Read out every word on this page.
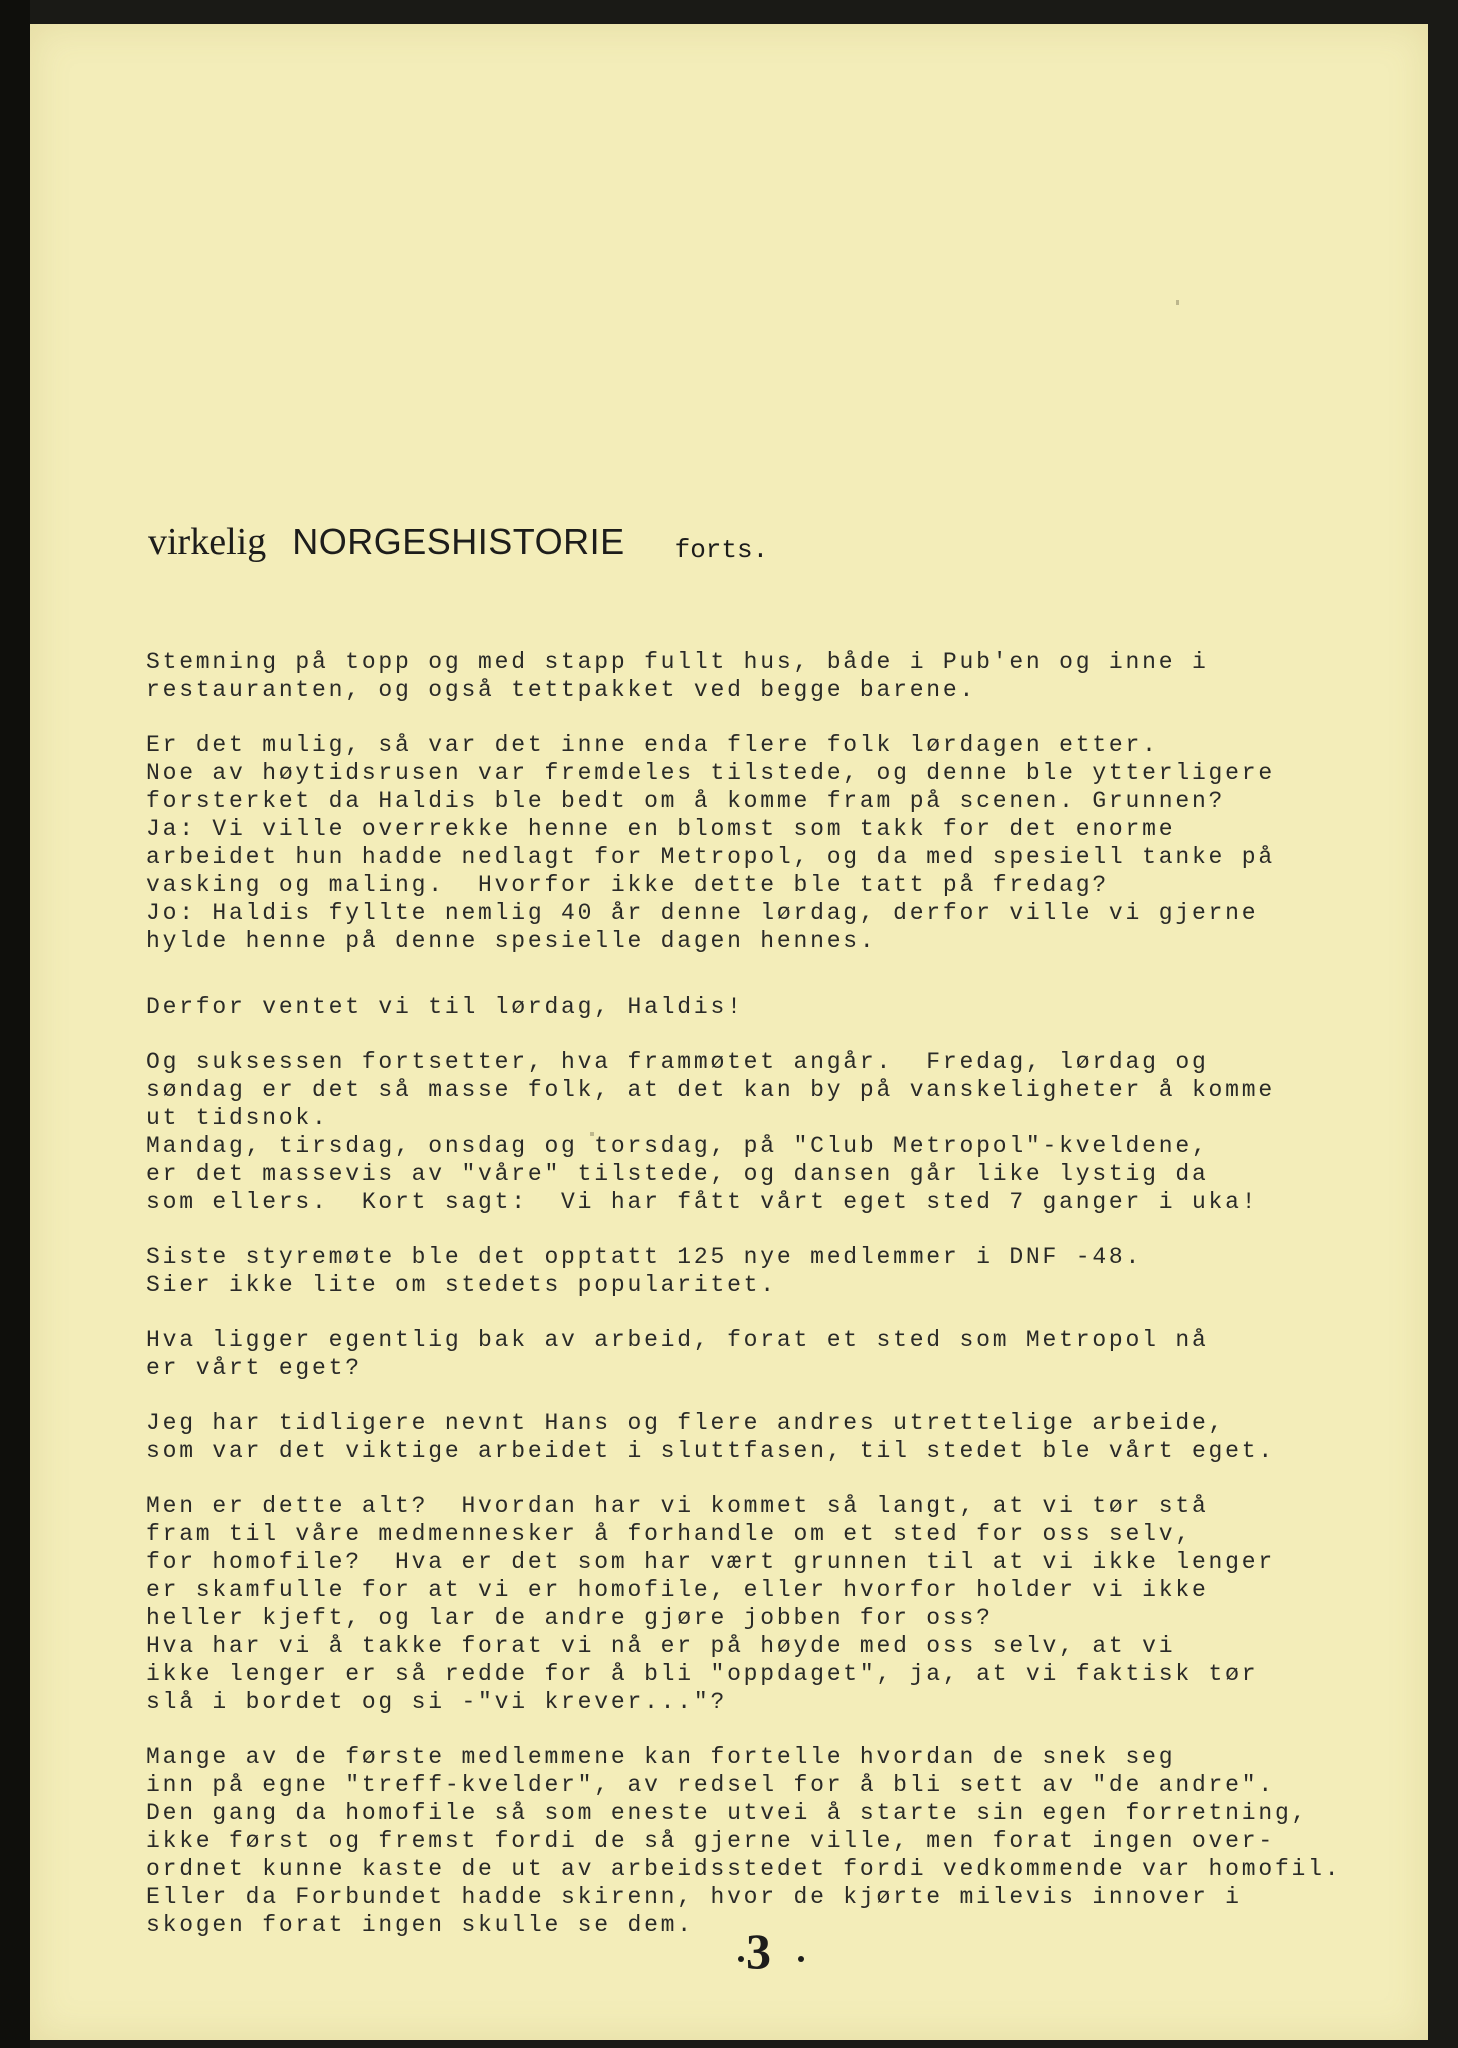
virkelig NORGESHISTORIE forts.

Stemning på topp og med stapp fullt hus, både i Pub'en og inne i
restauranten, og også tettpakket ved begge barene.

Er det mulig, så var det inne enda flere folk lørdagen etter.
Noe av høytidsrusen var fremdeles tilstede, og denne ble ytterligere
forsterket da Haldis ble bedt om å komme fram på scenen. Grunnen?
Ja: Vi ville overrekke henne en blomst som takk for det enorme
arbeidet hun hadde nedlagt for Metropol, og da med spesiell tanke på
vasking og maling.  Hvorfor ikke dette ble tatt på fredag?
Jo: Haldis fyllte nemlig 40 år denne lørdag, derfor ville vi gjerne
hylde henne på denne spesielle dagen hennes.

Derfor ventet vi til lørdag, Haldis!

Og suksessen fortsetter, hva frammøtet angår.  Fredag, lørdag og
søndag er det så masse folk, at det kan by på vanskeligheter å komme
ut tidsnok.
Mandag, tirsdag, onsdag og torsdag, på "Club Metropol"-kveldene,
er det massevis av "våre" tilstede, og dansen går like lystig da
som ellers.  Kort sagt:  Vi har fått vårt eget sted 7 ganger i uka!

Siste styremøte ble det opptatt 125 nye medlemmer i DNF -48.
Sier ikke lite om stedets popularitet.

Hva ligger egentlig bak av arbeid, forat et sted som Metropol nå
er vårt eget?

Jeg har tidligere nevnt Hans og flere andres utrettelige arbeide,
som var det viktige arbeidet i sluttfasen, til stedet ble vårt eget.

Men er dette alt?  Hvordan har vi kommet så langt, at vi tør stå
fram til våre medmennesker å forhandle om et sted for oss selv,
for homofile?  Hva er det som har vært grunnen til at vi ikke lenger
er skamfulle for at vi er homofile, eller hvorfor holder vi ikke
heller kjeft, og lar de andre gjøre jobben for oss?
Hva har vi å takke forat vi nå er på høyde med oss selv, at vi
ikke lenger er så redde for å bli "oppdaget", ja, at vi faktisk tør
slå i bordet og si -"vi krever..."?

Mange av de første medlemmene kan fortelle hvordan de snek seg
inn på egne "treff-kvelder", av redsel for å bli sett av "de andre".
Den gang da homofile så som eneste utvei å starte sin egen forretning,
ikke først og fremst fordi de så gjerne ville, men forat ingen over-
ordnet kunne kaste de ut av arbeidsstedet fordi vedkommende var homofil.
Eller da Forbundet hadde skirenn, hvor de kjørte milevis innover i
skogen forat ingen skulle se dem.	3
